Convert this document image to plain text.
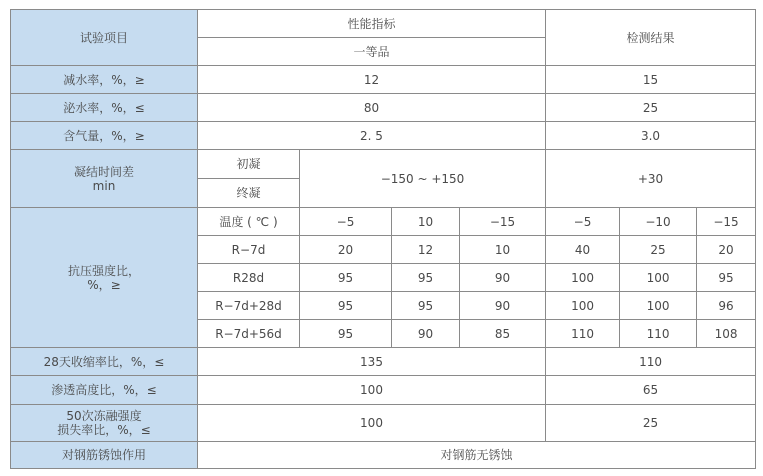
试验项目	性能指标				检测结果		
	一等品						
减水率，%，≥	12				15		
泌水率，%，≤	80				25		
含气量，%，≥	2. 5				3.0		

凝结时间差
min	初凝	−150 ~ +150			+30		
	终凝						

抗压强度比，
%，≥	温度 ( ℃ )	−5	10	−15	−5	−10	−15
	R−7d	20	12	10	40	25	20
	R28d	95	95	90	100	100	95
	R−7d+28d	95	95	90	100	100	96
	R−7d+56d	95	90	85	110	110	108
28天收缩率比，%，≤	135				110		
渗透高度比，%，≤	100				65		

50次冻融强度
损失率比，%，≤	100				25		
对钢筋锈蚀作用	对钢筋无锈蚀						
